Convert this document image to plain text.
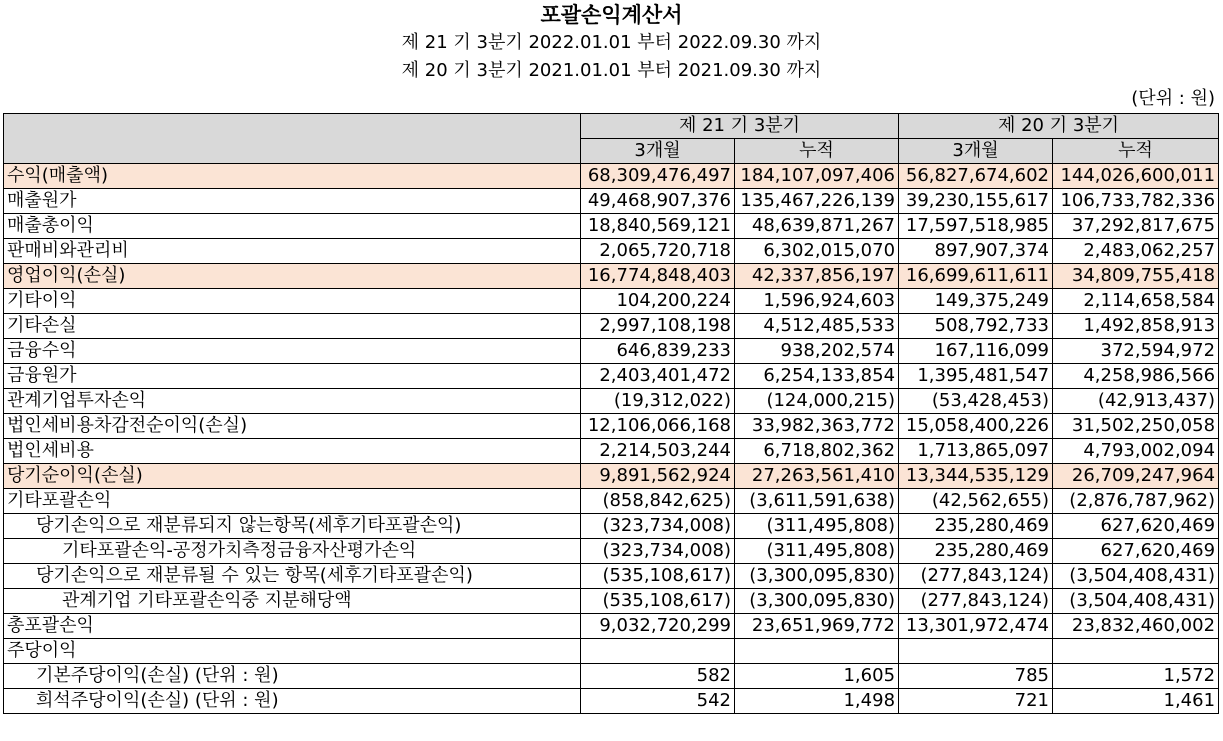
포괄손익계산서
제 21 기 3분기 2022.01.01 부터 2022.09.30 까지
제 20 기 3분기 2021.01.01 부터 2021.09.30 까지
(단위 : 원)
	제 21 기 3분기		제 20 기 3분기	
	3개월	누적	3개월	누적
수익(매출액)	68,309,476,497	184,107,097,406	56,827,674,602	144,026,600,011
매출원가	49,468,907,376	135,467,226,139	39,230,155,617	106,733,782,336
매출총이익	18,840,569,121	48,639,871,267	17,597,518,985	37,292,817,675
판매비와관리비	2,065,720,718	6,302,015,070	897,907,374	2,483,062,257
영업이익(손실)	16,774,848,403	42,337,856,197	16,699,611,611	34,809,755,418
기타이익	104,200,224	1,596,924,603	149,375,249	2,114,658,584
기타손실	2,997,108,198	4,512,485,533	508,792,733	1,492,858,913
금융수익	646,839,233	938,202,574	167,116,099	372,594,972
금융원가	2,403,401,472	6,254,133,854	1,395,481,547	4,258,986,566
관계기업투자손익	(19,312,022)	(124,000,215)	(53,428,453)	(42,913,437)
법인세비용차감전순이익(손실)	12,106,066,168	33,982,363,772	15,058,400,226	31,502,250,058
법인세비용	2,214,503,244	6,718,802,362	1,713,865,097	4,793,002,094
당기순이익(손실)	9,891,562,924	27,263,561,410	13,344,535,129	26,709,247,964
기타포괄손익	(858,842,625)	(3,611,591,638)	(42,562,655)	(2,876,787,962)
당기손익으로 재분류되지 않는항목(세후기타포괄손익)	(323,734,008)	(311,495,808)	235,280,469	627,620,469
기타포괄손익-공정가치측정금융자산평가손익	(323,734,008)	(311,495,808)	235,280,469	627,620,469
당기손익으로 재분류될 수 있는 항목(세후기타포괄손익)	(535,108,617)	(3,300,095,830)	(277,843,124)	(3,504,408,431)
관계기업 기타포괄손익중 지분해당액	(535,108,617)	(3,300,095,830)	(277,843,124)	(3,504,408,431)
총포괄손익	9,032,720,299	23,651,969,772	13,301,972,474	23,832,460,002
주당이익				
기본주당이익(손실) (단위 : 원)	582	1,605	785	1,572
희석주당이익(손실) (단위 : 원)	542	1,498	721	1,461
